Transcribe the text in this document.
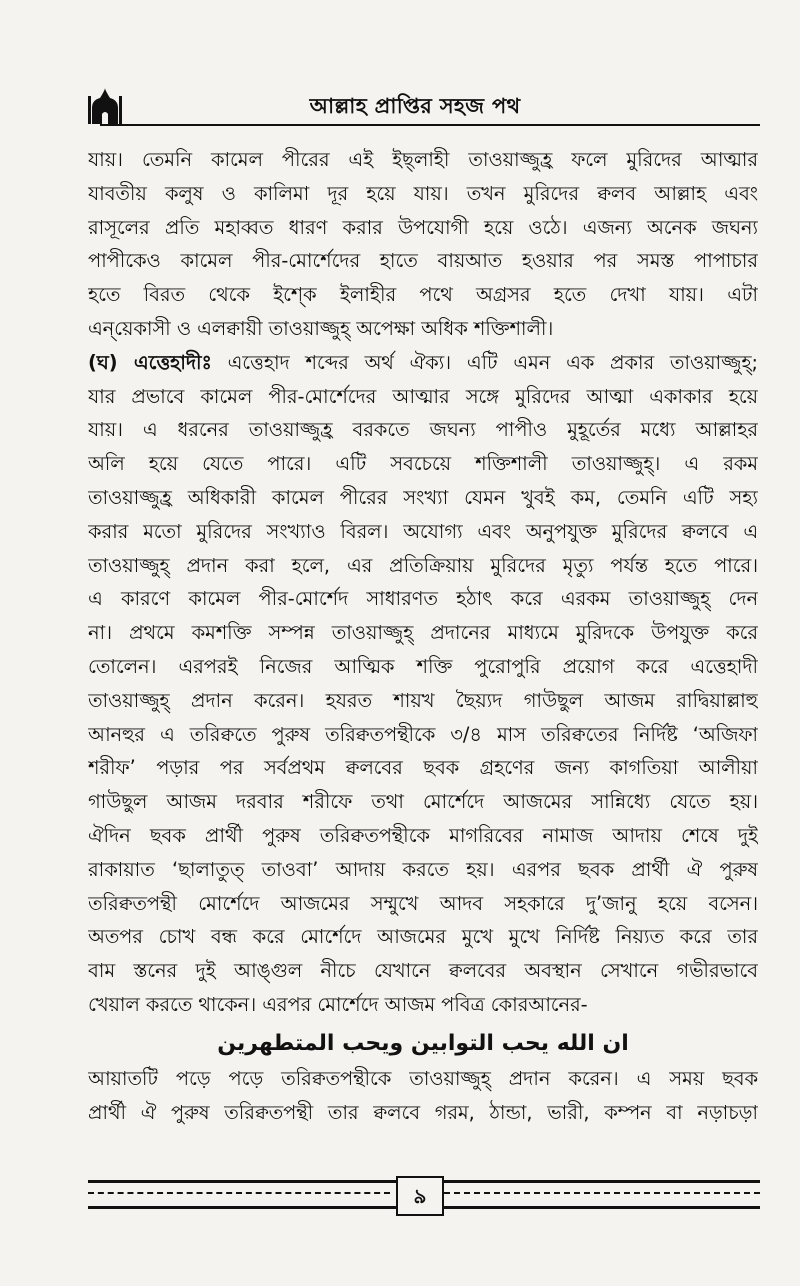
আল্লাহ প্রাপ্তির সহজ পথ
যায়। তেমনি কামেল পীরের এই ইছ্লাহী তাওয়াজ্জুহ্র ফলে মুরিদের আত্মার
যাবতীয় কলুষ ও কালিমা দূর হয়ে যায়। তখন মুরিদের ক্বলব আল্লাহ এবং
রাসূলের প্রতি মহাব্বত ধারণ করার উপযোগী হয়ে ওঠে। এজন্য অনেক জঘন্য
পাপীকেও কামেল পীর-মোর্শেদের হাতে বায়আত হওয়ার পর সমস্ত পাপাচার
হতে বিরত থেকে ইশ্কে ইলাহীর পথে অগ্রসর হতে দেখা যায়। এটা
এন্‌য়েকাসী ও এলক্বায়ী তাওয়াজ্জুহ্ অপেক্ষা অধিক শক্তিশালী।
(ঘ) এত্তেহাদীঃ এত্তেহাদ শব্দের অর্থ ঐক্য। এটি এমন এক প্রকার তাওয়াজ্জুহ্;
যার প্রভাবে কামেল পীর-মোর্শেদের আত্মার সঙ্গে মুরিদের আত্মা একাকার হয়ে
যায়। এ ধরনের তাওয়াজ্জুহ্র বরকতে জঘন্য পাপীও মুহূর্তের মধ্যে আল্লাহর
অলি হয়ে যেতে পারে। এটি সবচেয়ে শক্তিশালী তাওয়াজ্জুহ্। এ রকম
তাওয়াজ্জুহ্র অধিকারী কামেল পীরের সংখ্যা যেমন খুবই কম, তেমনি এটি সহ্য
করার মতো মুরিদের সংখ্যাও বিরল। অযোগ্য এবং অনুপযুক্ত মুরিদের ক্বলবে এ
তাওয়াজ্জুহ্ প্রদান করা হলে, এর প্রতিক্রিয়ায় মুরিদের মৃত্যু পর্যন্ত হতে পারে।
এ কারণে কামেল পীর-মোর্শেদ সাধারণত হঠাৎ করে এরকম তাওয়াজ্জুহ্ দেন
না। প্রথমে কমশক্তি সম্পন্ন তাওয়াজ্জুহ্ প্রদানের মাধ্যমে মুরিদকে উপযুক্ত করে
তোলেন। এরপরই নিজের আত্মিক শক্তি পুরোপুরি প্রয়োগ করে এত্তেহাদী
তাওয়াজ্জুহ্ প্রদান করেন। হযরত শায়খ ছৈয়্যদ গাউছুল আজম রাদ্বিয়াল্লাহু
আনহুর এ তরিক্বতে পুরুষ তরিক্বতপন্থীকে ৩/৪ মাস তরিক্বতের নির্দিষ্ট ‘অজিফা
শরীফ’ পড়ার পর সর্বপ্রথম ক্বলবের ছবক গ্রহণের জন্য কাগতিয়া আলীয়া
গাউছুল আজম দরবার শরীফে তথা মোর্শেদে আজমের সান্নিধ্যে যেতে হয়।
ঐদিন ছবক প্রার্থী পুরুষ তরিক্বতপন্থীকে মাগরিবের নামাজ আদায় শেষে দুই
রাকায়াত ‘ছালাতুত্ তাওবা’ আদায় করতে হয়। এরপর ছবক প্রার্থী ঐ পুরুষ
তরিক্বতপন্থী মোর্শেদে আজমের সম্মুখে আদব সহকারে দু’জানু হয়ে বসেন।
অতপর চোখ বন্ধ করে মোর্শেদে আজমের মুখে মুখে নির্দিষ্ট নিয়্যত করে তার
বাম স্তনের দুই আঙ্গুল নীচে যেখানে ক্বলবের অবস্থান সেখানে গভীরভাবে
খেয়াল করতে থাকেন। এরপর মোর্শেদে আজম পবিত্র কোরআনের-
ان الله يحب التوابين ويحب المتطهرين
আয়াতটি পড়ে পড়ে তরিক্বতপন্থীকে তাওয়াজ্জুহ্ প্রদান করেন। এ সময় ছবক
প্রার্থী ঐ পুরুষ তরিক্বতপন্থী তার ক্বলবে গরম, ঠান্ডা, ভারী, কম্পন বা নড়াচড়া
৯
